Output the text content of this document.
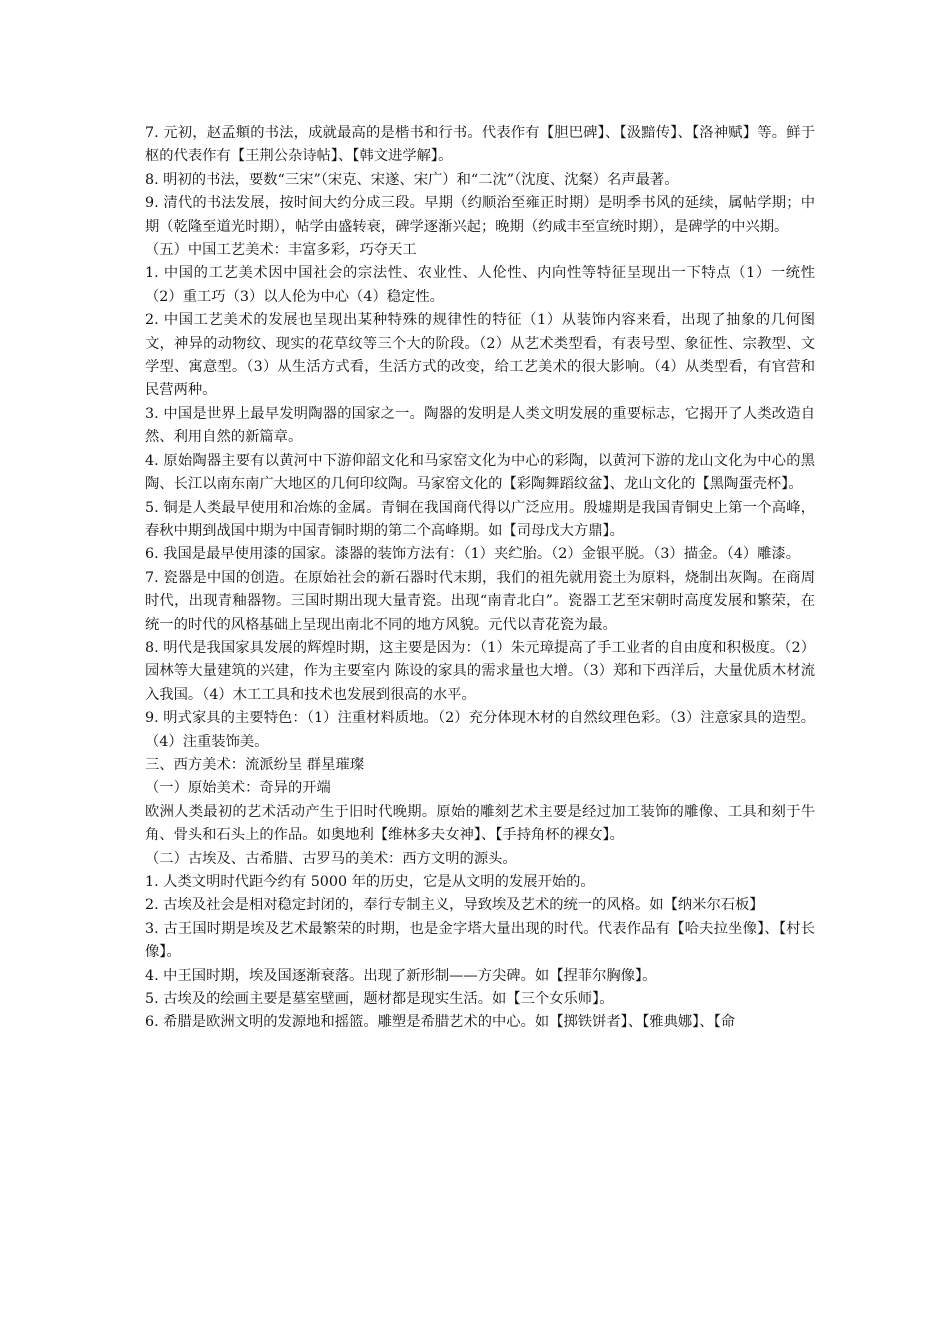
7. 元初，赵孟頫的书法，成就最高的是楷书和行书。代表作有【胆巴碑】、【汲黯传】、【洛神赋】等。鲜于枢的代表作有【王荆公杂诗帖】、【韩文进学解】。

8. 明初的书法，要数“三宋”（宋克、宋遂、宋广）和“二沈”（沈度、沈粲）名声最著。

9. 清代的书法发展，按时间大约分成三段。早期（约顺治至雍正时期）是明季书风的延续，属帖学期；中期（乾隆至道光时期），帖学由盛转衰，碑学逐渐兴起；晚期（约咸丰至宣统时期），是碑学的中兴期。

（五）中国工艺美术：丰富多彩，巧夺天工

1. 中国的工艺美术因中国社会的宗法性、农业性、人伦性、内向性等特征呈现出一下特点（1）一统性（2）重工巧（3）以人伦为中心（4）稳定性。

2. 中国工艺美术的发展也呈现出某种特殊的规律性的特征（1）从装饰内容来看，出现了抽象的几何图文，神异的动物纹、现实的花草纹等三个大的阶段。（2）从艺术类型看，有表号型、象征性、宗教型、文学型、寓意型。（3）从生活方式看，生活方式的改变，给工艺美术的很大影响。（4）从类型看，有官营和民营两种。

3. 中国是世界上最早发明陶器的国家之一。陶器的发明是人类文明发展的重要标志，它揭开了人类改造自然、利用自然的新篇章。

4. 原始陶器主要有以黄河中下游仰韶文化和马家窑文化为中心的彩陶，以黄河下游的龙山文化为中心的黑陶、长江以南东南广大地区的几何印纹陶。马家窑文化的【彩陶舞蹈纹盆】、龙山文化的【黑陶蛋壳杯】。

5. 铜是人类最早使用和冶炼的金属。青铜在我国商代得以广泛应用。殷墟期是我国青铜史上第一个高峰，春秋中期到战国中期为中国青铜时期的第二个高峰期。如【司母戊大方鼎】。

6. 我国是最早使用漆的国家。漆器的装饰方法有：（1）夹纻胎。（2）金银平脱。（3）描金。（4）雕漆。

7. 瓷器是中国的创造。在原始社会的新石器时代末期，我们的祖先就用瓷土为原料，烧制出灰陶。在商周时代，出现青釉器物。三国时期出现大量青瓷。出现“南青北白”。瓷器工艺至宋朝时高度发展和繁荣，在统一的时代的风格基础上呈现出南北不同的地方风貌。元代以青花瓷为最。

8. 明代是我国家具发展的辉煌时期，这主要是因为：（1）朱元璋提高了手工业者的自由度和积极度。（2）园林等大量建筑的兴建，作为主要室内 陈设的家具的需求量也大增。（3）郑和下西洋后，大量优质木材流入我国。（4）木工工具和技术也发展到很高的水平。

9. 明式家具的主要特色：（1）注重材料质地。（2）充分体现木材的自然纹理色彩。（3）注意家具的造型。（4）注重装饰美。

三、西方美术：流派纷呈 群星璀璨

（一）原始美术：奇异的开端

欧洲人类最初的艺术活动产生于旧时代晚期。原始的雕刻艺术主要是经过加工装饰的雕像、工具和刻于牛角、骨头和石头上的作品。如奥地利【维林多夫女神】、【手持角杯的裸女】。

（二）古埃及、古希腊、古罗马的美术：西方文明的源头。

1. 人类文明时代距今约有 5000 年的历史，它是从文明的发展开始的。

2. 古埃及社会是相对稳定封闭的，奉行专制主义，导致埃及艺术的统一的风格。如【纳米尔石板】

3. 古王国时期是埃及艺术最繁荣的时期，也是金字塔大量出现的时代。代表作品有【哈夫拉坐像】、【村长像】。

4. 中王国时期，埃及国逐渐衰落。出现了新形制——方尖碑。如【捏菲尔胸像】。

5. 古埃及的绘画主要是墓室壁画，题材都是现实生活。如【三个女乐师】。

6. 希腊是欧洲文明的发源地和摇篮。雕塑是希腊艺术的中心。如【掷铁饼者】、【雅典娜】、【命
